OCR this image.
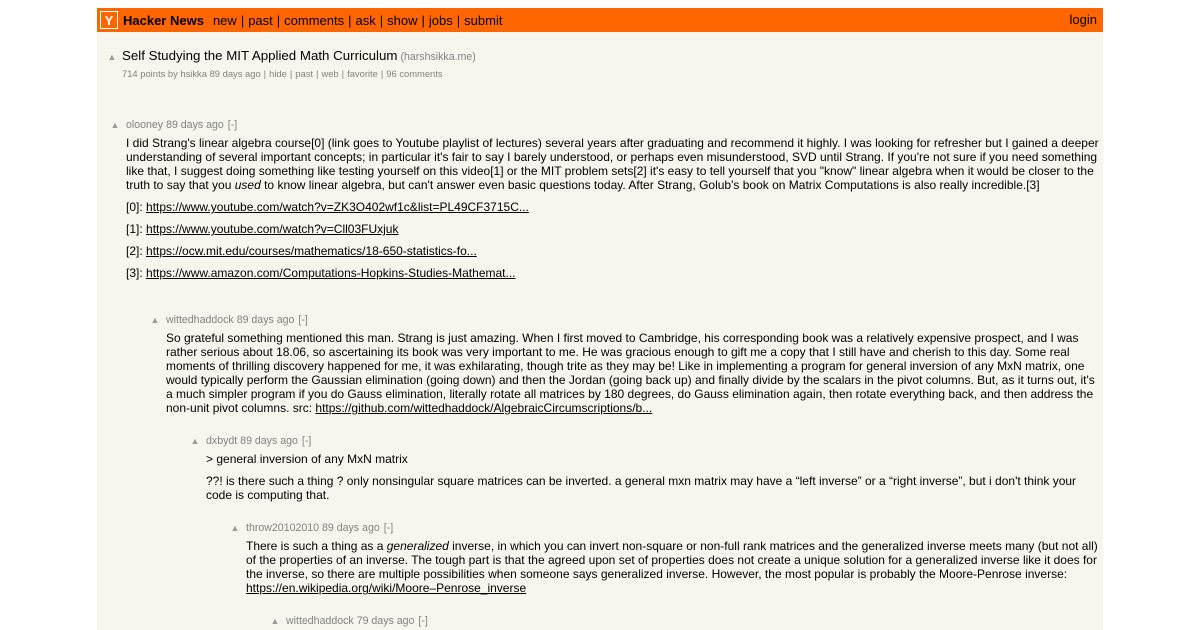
Y Hacker News new | past | comments | ask | show | jobs | submit	login
▲ Self Studying the MIT Applied Math Curriculum (harshsikka.me)
714 points by hsikka 89 days ago | hide | past | web | favorite | 96 comments
▲ olooney
89 days ago [-]

I did Strang's linear algebra course[0] (link goes to Youtube playlist of lectures) several years after graduating and recommend it highly. I was looking for refresher but I gained a deeper understanding of several important concepts; in particular it's fair to say I barely understood, or perhaps even misunderstood, SVD until Strang. If you're not sure if you need something like that, I suggest doing something like testing yourself on this video[1] or the MIT problem sets[2] it's easy to tell yourself that you "know" linear algebra when it would be closer to the truth to say that you used to know linear algebra, but can't answer even basic questions today. After Strang, Golub's book on Matrix Computations is also really incredible.[3]

[0]: https://www.youtube.com/watch?v=ZK3O402wf1c&list=PL49CF3715C...

[1]: https://www.youtube.com/watch?v=Cll03FUxjuk

[2]: https://ocw.mit.edu/courses/mathematics/18-650-statistics-fo...

[3]: https://www.amazon.com/Computations-Hopkins-Studies-Mathemat...

▲ wittedhaddock
89 days ago [-]

So grateful something mentioned this man. Strang is just amazing. When I first moved to Cambridge, his corresponding book was a relatively expensive prospect, and I was rather serious about 18.06, so ascertaining its book was very important to me. He was gracious enough to gift me a copy that I still have and cherish to this day. Some real moments of thrilling discovery happened for me, it was exhilarating, though trite as they may be! Like in implementing a program for general inversion of any MxN matrix, one would typically perform the Gaussian elimination (going down) and then the Jordan (going back up) and finally divide by the scalars in the pivot columns. But, as it turns out, it's a much simpler program if you do Gauss elimination, literally rotate all matrices by 180 degrees, do Gauss elimination again, then rotate everything back, and then address the non-unit pivot columns. src: https://github.com/wittedhaddock/AlgebraicCircumscriptions/b...

▲ dxbydt
89 days ago [-]

> general inversion of any MxN matrix

??! is there such a thing ? only nonsingular square matrices can be inverted. a general mxn matrix may have a “left inverse” or a “right inverse”, but i don't think your code is computing that.

▲ throw20102010
89 days ago [-]

There is such a thing as a generalized inverse, in which you can invert non-square or non-full rank matrices and the generalized inverse meets many (but not all) of the properties of an inverse. The tough part is that the agreed upon set of properties does not create a unique solution for a generalized inverse like it does for the inverse, so there are multiple possibilities when someone says generalized inverse. However, the most popular is probably the Moore-Penrose inverse:
https://en.wikipedia.org/wiki/Moore–Penrose_inverse

▲ wittedhaddock
79 days ago [-]
